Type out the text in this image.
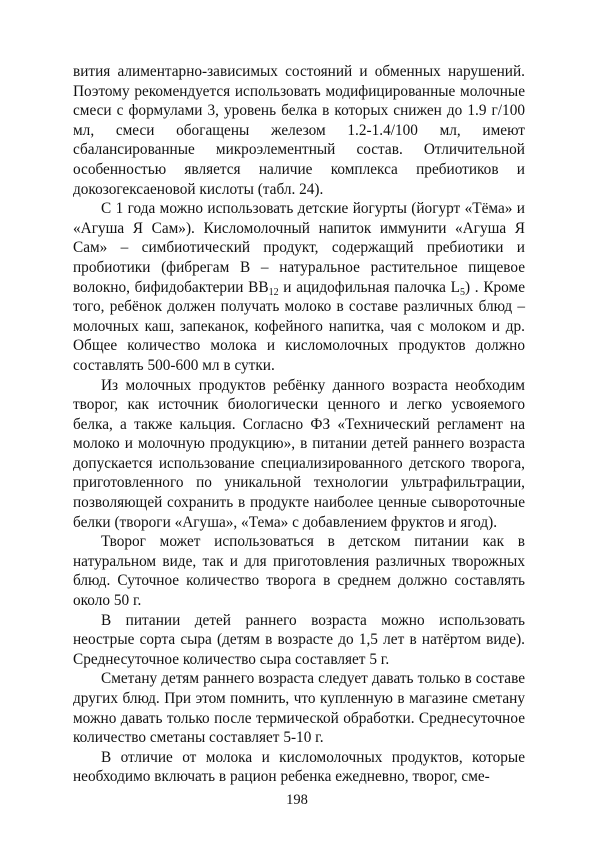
вития алиментарно-зависимых состояний и обменных нарушений. Поэтому рекомендуется использовать модифицированные молочные смеси с формулами 3, уровень белка в которых снижен до 1.9 г/100 мл, смеси обогащены железом 1.2-1.4/100 мл, имеют сбалансированные микроэлементный состав. Отличительной особенностью является наличие комплекса пребиотиков и докозогексаеновой кислоты (табл. 24).

С 1 года можно использовать детские йогурты (йогурт «Тёма» и «Агуша Я Сам»). Кисломолочный напиток иммунити «Агуша Я Сам» – симбиотический продукт, содержащий пребиотики и пробиотики (фибрегам В – натуральное растительное пищевое волокно, бифидобактерии $ВВ_{12}$ и ацидофильная палочка $L_5$) . Кроме того, ребёнок должен получать молоко в составе различных блюд – молочных каш, запеканок, кофейного напитка, чая с молоком и др. Общее количество молока и кисломолочных продуктов должно составлять 500-600 мл в сутки.

Из молочных продуктов ребёнку данного возраста необходим творог, как источник биологически ценного и легко усвояемого белка, а также кальция. Согласно ФЗ «Технический регламент на молоко и молочную продукцию», в питании детей раннего возраста допускается использование специализированного детского творога, приготовленного по уникальной технологии ультрафильтрации, позволяющей сохранить в продукте наиболее ценные сывороточные белки (твороги «Агуша», «Тема» с добавлением фруктов и ягод).

Творог может использоваться в детском питании как в натуральном виде, так и для приготовления различных творожных блюд. Суточное количество творога в среднем должно составлять около 50 г.

В питании детей раннего возраста можно использовать неострые сорта сыра (детям в возрасте до 1,5 лет в натёртом виде). Среднесуточное количество сыра составляет 5 г.

Сметану детям раннего возраста следует давать только в составе других блюд. При этом помнить, что купленную в магазине сметану можно давать только после термической обработки. Среднесуточное количество сметаны составляет 5-10 г.

В отличие от молока и кисломолочных продуктов, которые необходимо включать в рацион ребенка ежедневно, творог, сме-

198
